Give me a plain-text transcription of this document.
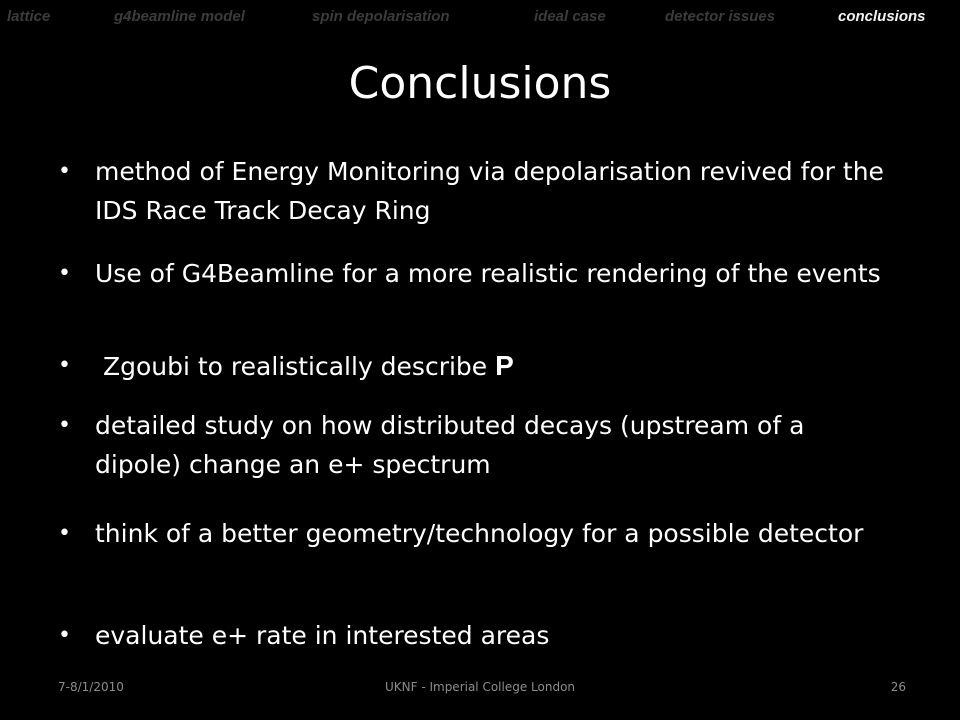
lattice	g4beamline model	spin depolarisation	ideal case	detector issues	conclusions
Conclusions
• method of Energy Monitoring via depolarisation revived for the IDS Race Track Decay Ring
• Use of G4Beamline for a more realistic rendering of the events
• Zgoubi to realistically describe P
• detailed study on how distributed decays (upstream of a dipole) change an e+ spectrum
• think of a better geometry/technology for a possible detector
• evaluate e+ rate in interested areas
7-8/1/2010	UKNF - Imperial College London	26
